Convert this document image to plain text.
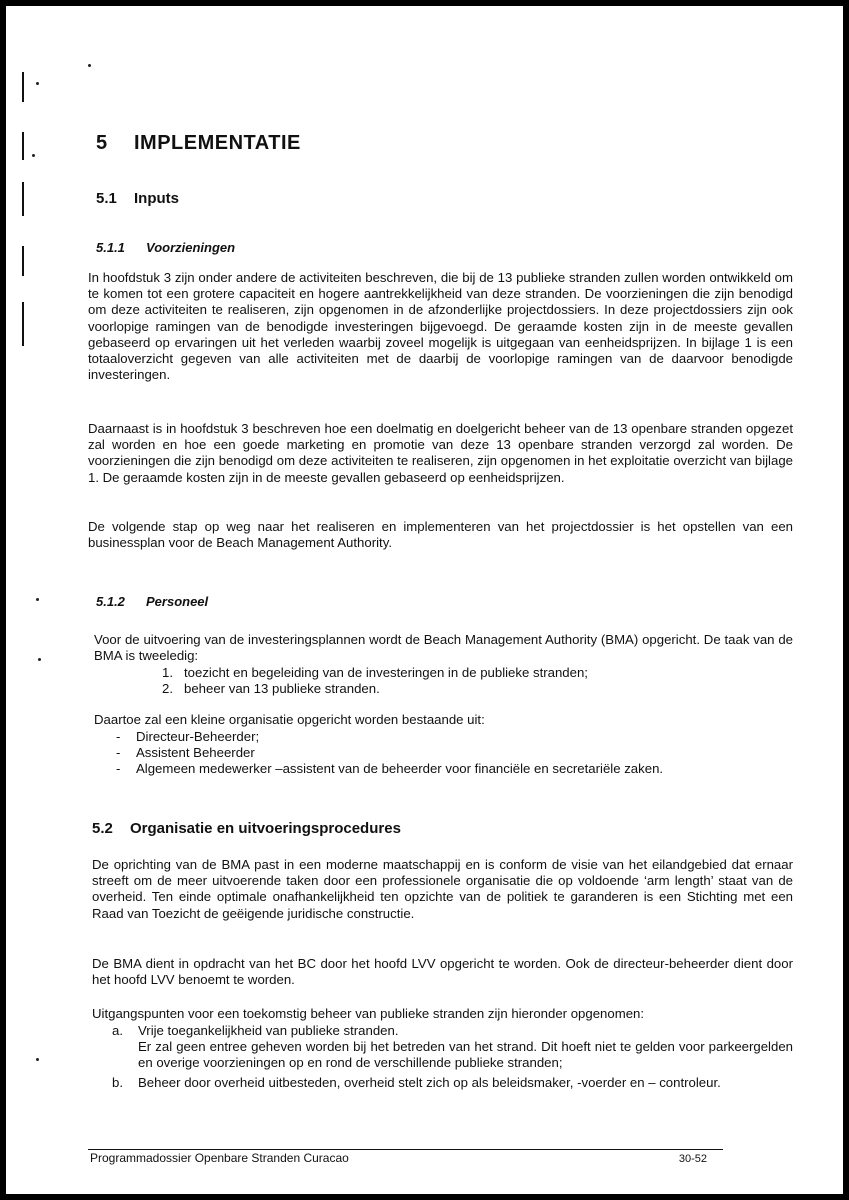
5 IMPLEMENTATIE
5.1 Inputs
5.1.1 Voorzieningen

In hoofdstuk 3 zijn onder andere de activiteiten beschreven, die bij de 13 publieke stranden zullen worden ontwikkeld om te komen tot een grotere capaciteit en hogere aantrekkelijkheid van deze stranden. De voorzieningen die zijn benodigd om deze activiteiten te realiseren, zijn opgenomen in de afzonderlijke projectdossiers. In deze projectdossiers zijn ook voorlopige ramingen van de benodigde investeringen bijgevoegd. De geraamde kosten zijn in de meeste gevallen gebaseerd op ervaringen uit het verleden waarbij zoveel mogelijk is uitgegaan van eenheidsprijzen. In bijlage 1 is een totaaloverzicht gegeven van alle activiteiten met de daarbij de voorlopige ramingen van de daarvoor benodigde investeringen.

Daarnaast is in hoofdstuk 3 beschreven hoe een doelmatig en doelgericht beheer van de 13 openbare stranden opgezet zal worden en hoe een goede marketing en promotie van deze 13 openbare stranden verzorgd zal worden. De voorzieningen die zijn benodigd om deze activiteiten te realiseren, zijn opgenomen in het exploitatie overzicht van bijlage 1. De geraamde kosten zijn in de meeste gevallen gebaseerd op eenheidsprijzen.

De volgende stap op weg naar het realiseren en implementeren van het projectdossier is het opstellen van een businessplan voor de Beach Management Authority.

5.1.2 Personeel

Voor de uitvoering van de investeringsplannen wordt de Beach Management Authority (BMA) opgericht. De taak van de BMA is tweeledig:

1. toezicht en begeleiding van de investeringen in de publieke stranden;
2. beheer van 13 publieke stranden.

Daartoe zal een kleine organisatie opgericht worden bestaande uit:

- Directeur-Beheerder;
- Assistent Beheerder
- Algemeen medewerker –assistent van de beheerder voor financiële en secretariële zaken.
5.2 Organisatie en uitvoeringsprocedures

De oprichting van de BMA past in een moderne maatschappij en is conform de visie van het eilandgebied dat ernaar streeft om de meer uitvoerende taken door een professionele organisatie die op voldoende ‘arm length’ staat van de overheid. Ten einde optimale onafhankelijkheid ten opzichte van de politiek te garanderen is een Stichting met een Raad van Toezicht de geëigende juridische constructie.

De BMA dient in opdracht van het BC door het hoofd LVV opgericht te worden. Ook de directeur-beheerder dient door het hoofd LVV benoemt te worden.

Uitgangspunten voor een toekomstig beheer van publieke stranden zijn hieronder opgenomen:

a. Vrije toegankelijkheid van publieke stranden.
Er zal geen entree geheven worden bij het betreden van het strand. Dit hoeft niet te gelden voor parkeergelden en overige voorzieningen op en rond de verschillende publieke stranden;
b. Beheer door overheid uitbesteden, overheid stelt zich op als beleidsmaker, -voerder en – controleur.
Programmadossier Openbare Stranden Curacao	30-52
